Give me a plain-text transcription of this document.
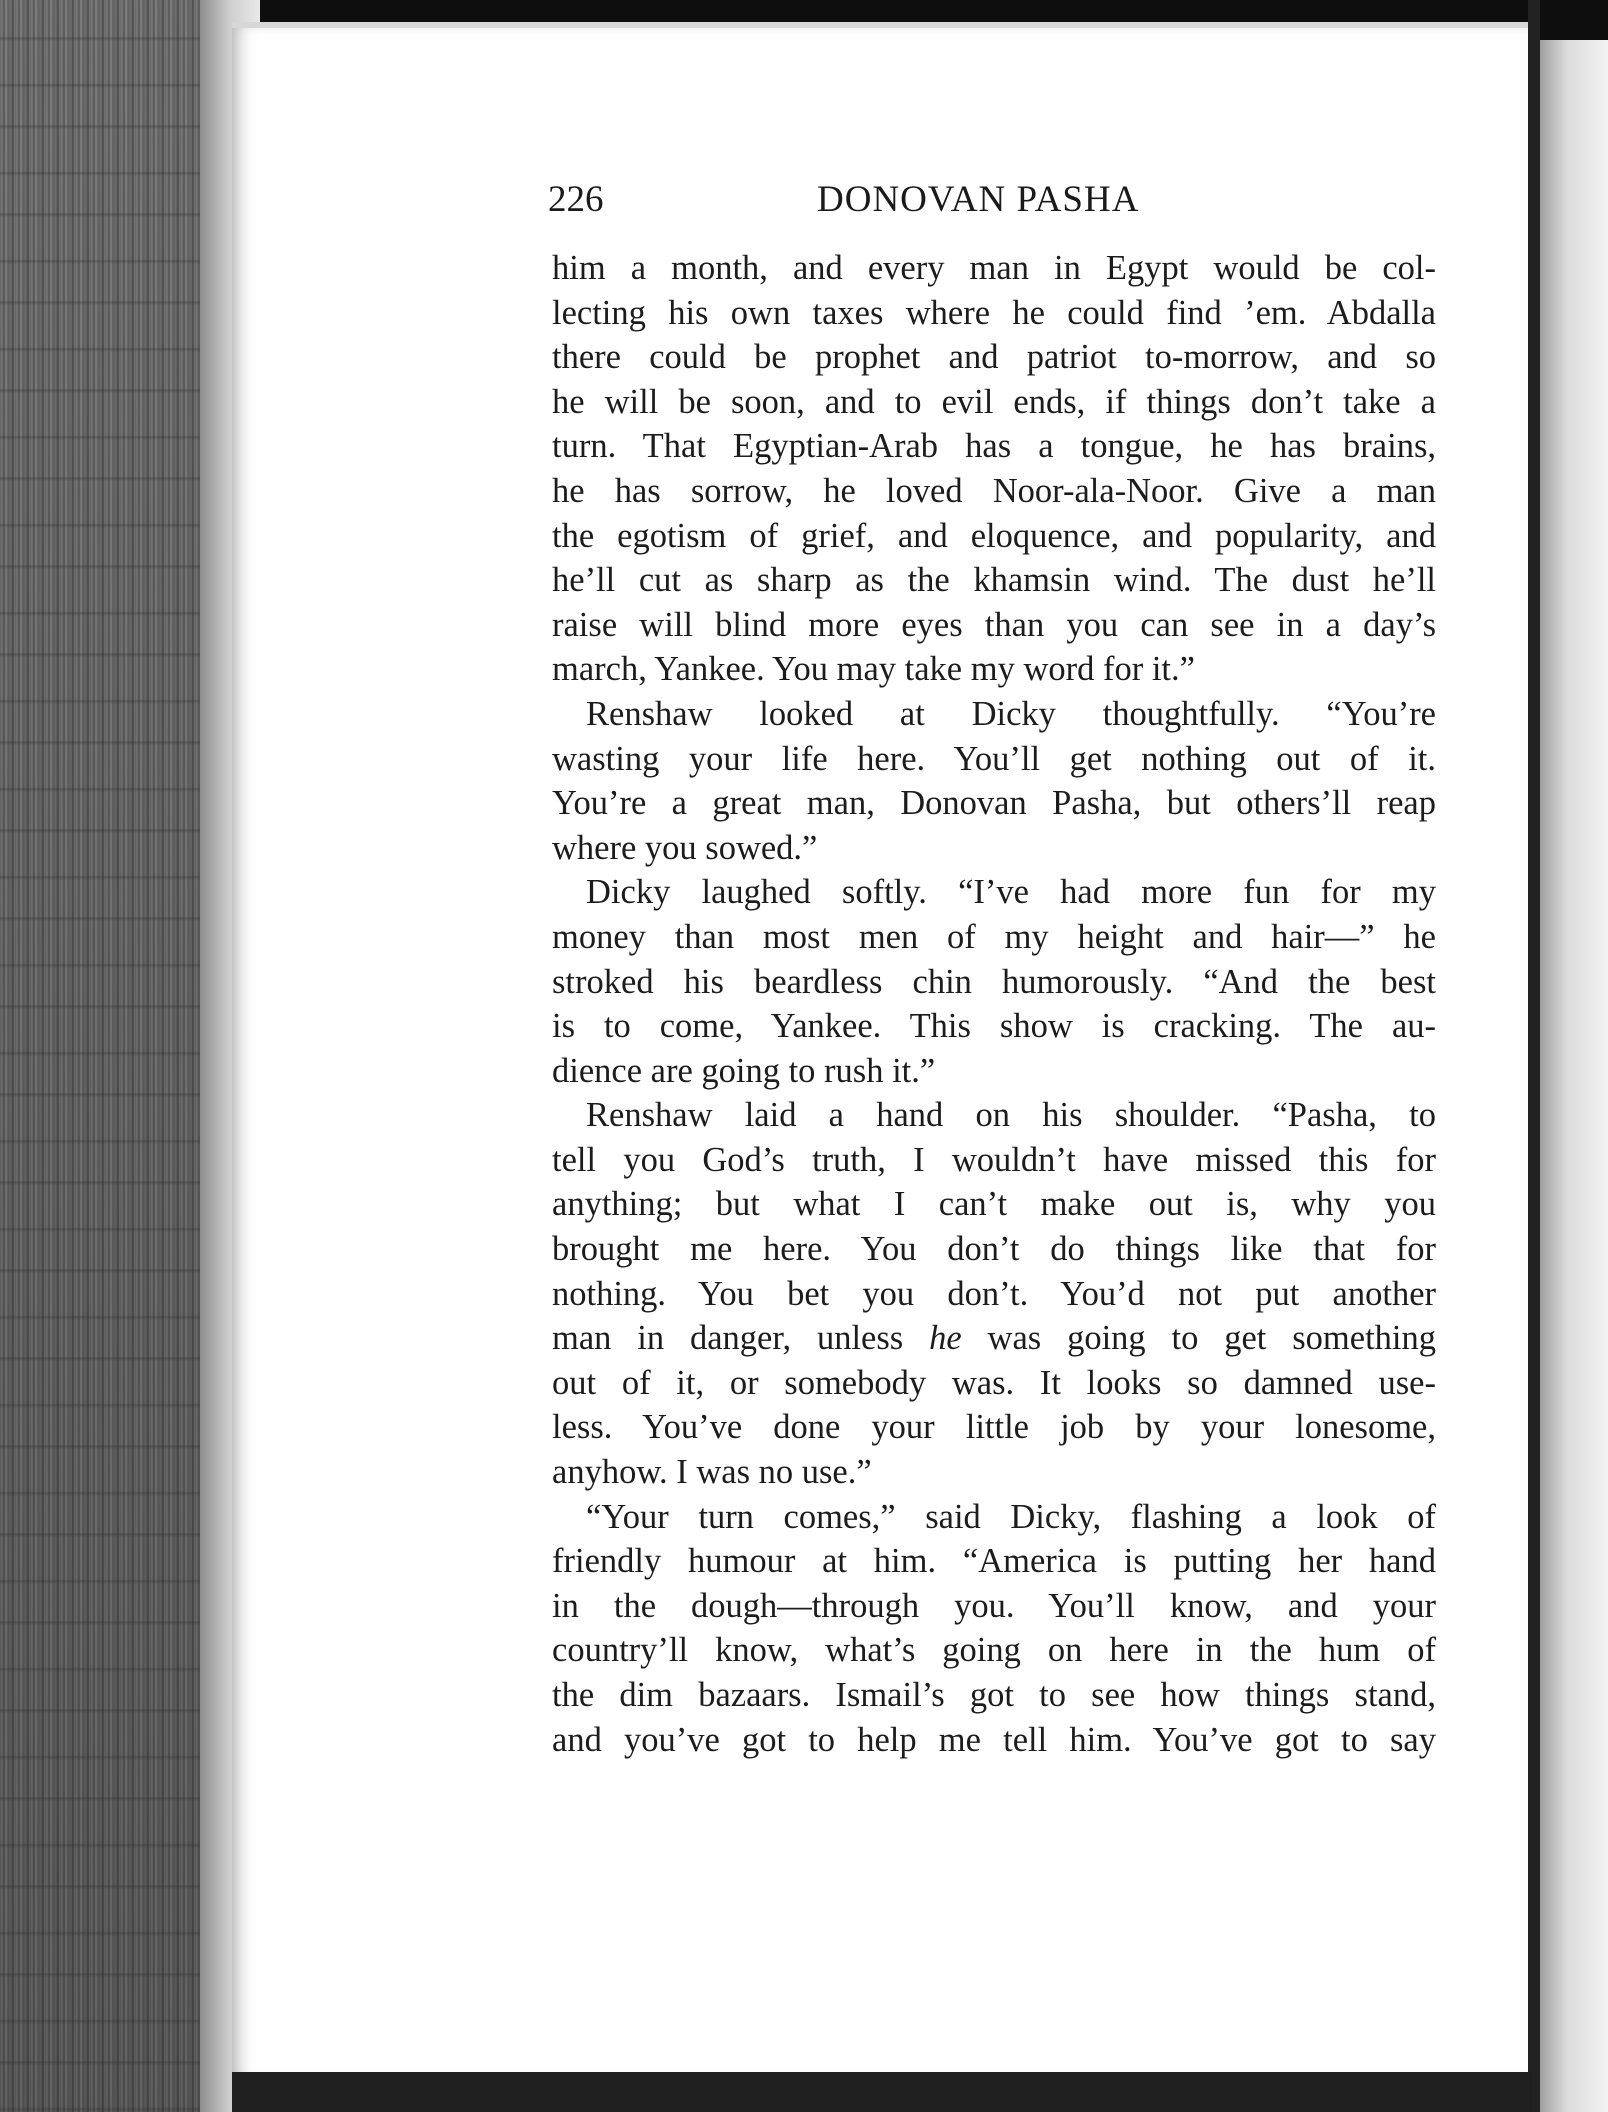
226	DONOVAN PASHA
him a month, and every man in Egypt would be col-
lecting his own taxes where he could find ’em. Abdalla
there could be prophet and patriot to-morrow, and so
he will be soon, and to evil ends, if things don’t take a
turn. That Egyptian-Arab has a tongue, he has brains,
he has sorrow, he loved Noor-ala-Noor. Give a man
the egotism of grief, and eloquence, and popularity, and
he’ll cut as sharp as the khamsin wind. The dust he’ll
raise will blind more eyes than you can see in a day’s
march, Yankee. You may take my word for it.”
Renshaw looked at Dicky thoughtfully. “You’re
wasting your life here. You’ll get nothing out of it.
You’re a great man, Donovan Pasha, but others’ll reap
where you sowed.”
Dicky laughed softly. “I’ve had more fun for my
money than most men of my height and hair—” he
stroked his beardless chin humorously. “And the best
is to come, Yankee. This show is cracking. The au-
dience are going to rush it.”
Renshaw laid a hand on his shoulder. “Pasha, to
tell you God’s truth, I wouldn’t have missed this for
anything; but what I can’t make out is, why you
brought me here. You don’t do things like that for
nothing. You bet you don’t. You’d not put another
man in danger, unless he was going to get something
out of it, or somebody was. It looks so damned use-
less. You’ve done your little job by your lonesome,
anyhow. I was no use.”
“Your turn comes,” said Dicky, flashing a look of
friendly humour at him. “America is putting her hand
in the dough—through you. You’ll know, and your
country’ll know, what’s going on here in the hum of
the dim bazaars. Ismail’s got to see how things stand,
and you’ve got to help me tell him. You’ve got to say
